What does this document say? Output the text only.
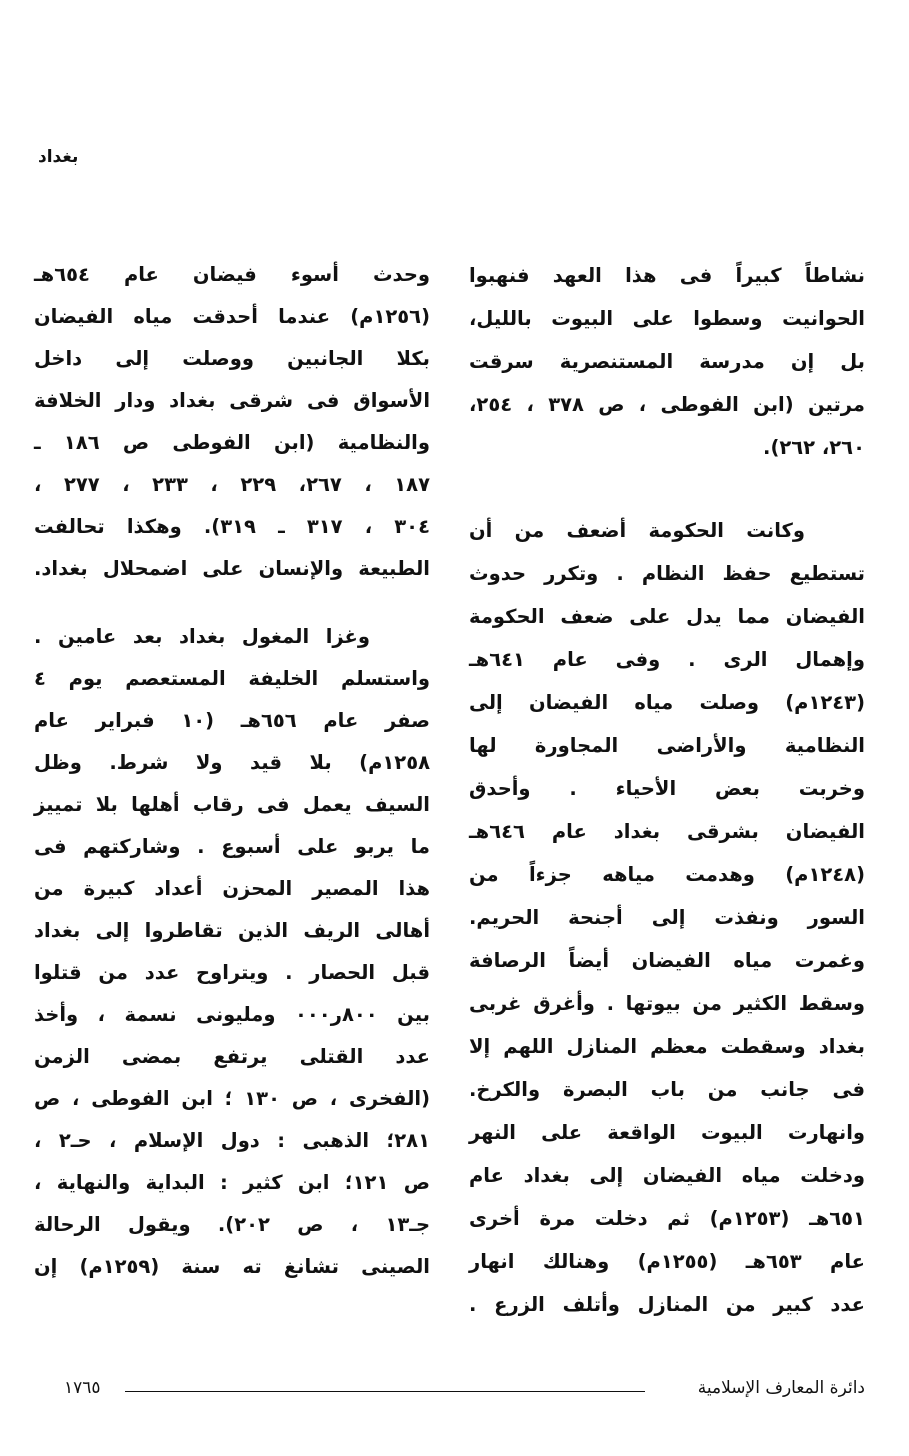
بغداد
نشاطاً كبيراً فى هذا العهد فنهبوا
الحوانيت وسطوا على البيوت بالليل،
بل إن مدرسة المستنصرية سرقت
مرتين (ابن الفوطى ، ص ٣٧٨ ، ٢٥٤،
٢٦٠، ٢٦٢).
وكانت الحكومة أضعف من أن
تستطيع حفظ النظام . وتكرر حدوث
الفيضان مما يدل على ضعف الحكومة
وإهمال الرى . وفى عام ٦٤١هـ
(١٢٤٣م) وصلت مياه الفيضان إلى
النظامية والأراضى المجاورة لها
وخربت بعض الأحياء . وأحدق
الفيضان بشرقى بغداد عام ٦٤٦هـ
(١٢٤٨م) وهدمت مياهه جزءاً من
السور ونفذت إلى أجنحة الحريم.
وغمرت مياه الفيضان أيضاً الرصافة
وسقط الكثير من بيوتها . وأغرق غربى
بغداد وسقطت معظم المنازل اللهم إلا
فى جانب من باب البصرة والكرخ.
وانهارت البيوت الواقعة على النهر
ودخلت مياه الفيضان إلى بغداد عام
٦٥١هـ (١٢٥٣م) ثم دخلت مرة أخرى
عام ٦٥٣هـ (١٢٥٥م) وهنالك انهار
عدد كبير من المنازل وأتلف الزرع .
وحدث أسوء فيضان عام ٦٥٤هـ
(١٢٥٦م) عندما أحدقت مياه الفيضان
بكلا الجانبين ووصلت إلى داخل
الأسواق فى شرقى بغداد ودار الخلافة
والنظامية (ابن الفوطى ص ١٨٦ ـ
١٨٧ ، ٢٦٧، ٢٢٩ ، ٢٣٣ ، ٢٧٧ ،
٣٠٤ ، ٣١٧ ـ ٣١٩). وهكذا تحالفت
الطبيعة والإنسان على اضمحلال بغداد.
وغزا المغول بغداد بعد عامين .
واستسلم الخليفة المستعصم يوم ٤
صفر عام ٦٥٦هـ (١٠ فبراير عام
١٢٥٨م) بلا قيد ولا شرط. وظل
السيف يعمل فى رقاب أهلها بلا تمييز
ما يربو على أسبوع . وشاركتهم فى
هذا المصير المحزن أعداد كبيرة من
أهالى الريف الذين تقاطروا إلى بغداد
قبل الحصار . ويتراوح عدد من قتلوا
بين ٨٠٠ر٠٠٠ ومليونى نسمة ، وأخذ
عدد القتلى يرتفع بمضى الزمن
(الفخرى ، ص ١٣٠ ؛ ابن الفوطى ، ص
٢٨١؛ الذهبى : دول الإسلام ، حـ٢ ،
ص ١٢١؛ ابن كثير : البداية والنهاية ،
جـ١٣ ، ص ٢٠٢). ويقول الرحالة
الصينى تشانغ ته سنة (١٢٥٩م) إن
دائرة المعارف الإسلامية
١٧٦٥
